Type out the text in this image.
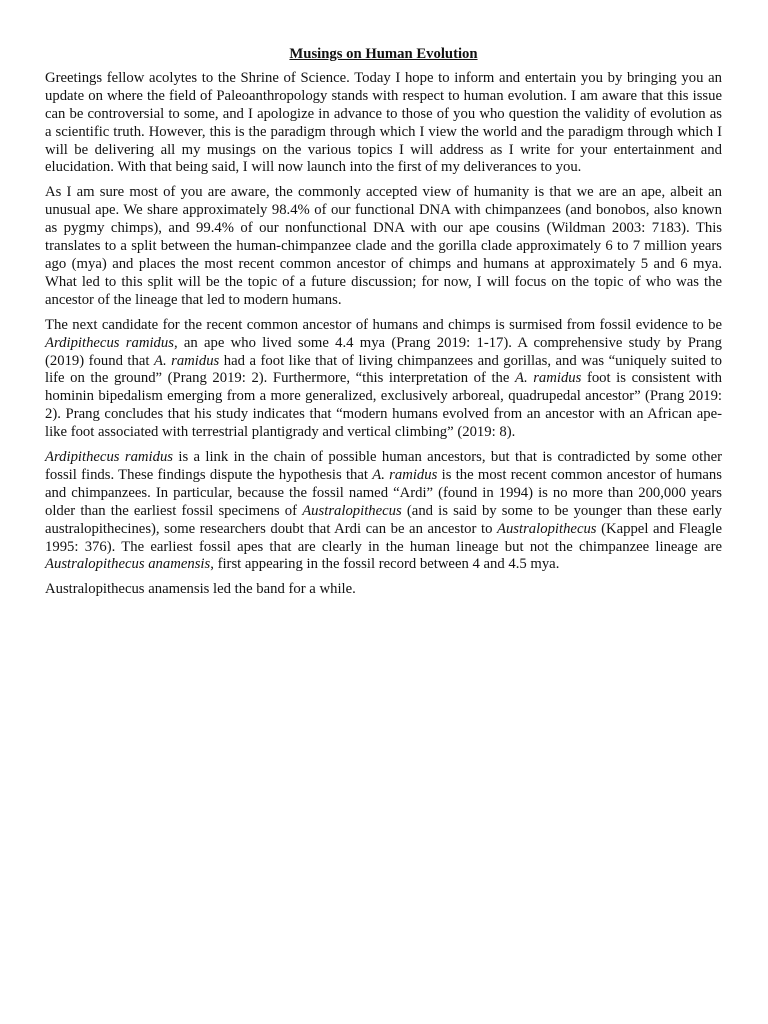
Musings on Human Evolution

Greetings fellow acolytes to the Shrine of Science. Today I hope to inform and entertain you by bringing you an update on where the field of Paleoanthropology stands with respect to human evolution. I am aware that this issue can be controversial to some, and I apologize in advance to those of you who question the validity of evolution as a scientific truth. However, this is the paradigm through which I view the world and the paradigm through which I will be delivering all my musings on the various topics I will address as I write for your entertainment and elucidation. With that being said, I will now launch into the first of my deliverances to you.

As I am sure most of you are aware, the commonly accepted view of humanity is that we are an ape, albeit an unusual ape. We share approximately 98.4% of our functional DNA with chimpanzees (and bonobos, also known as pygmy chimps), and 99.4% of our nonfunctional DNA with our ape cousins (Wildman 2003: 7183). This translates to a split between the human-chimpanzee clade and the gorilla clade approximately 6 to 7 million years ago (mya) and places the most recent common ancestor of chimps and humans at approximately 5 and 6 mya. What led to this split will be the topic of a future discussion; for now, I will focus on the topic of who was the ancestor of the lineage that led to modern humans.

The next candidate for the recent common ancestor of humans and chimps is surmised from fossil evidence to be Ardipithecus ramidus, an ape who lived some 4.4 mya (Prang 2019: 1-17). A comprehensive study by Prang (2019) found that A. ramidus had a foot like that of living chimpanzees and gorillas, and was “uniquely suited to life on the ground” (Prang 2019: 2). Furthermore, “this interpretation of the A. ramidus foot is consistent with hominin bipedalism emerging from a more generalized, exclusively arboreal, quadrupedal ancestor” (Prang 2019: 2). Prang concludes that his study indicates that “modern humans evolved from an ancestor with an African ape-like foot associated with terrestrial plantigrady and vertical climbing” (2019: 8).

Ardipithecus ramidus is a link in the chain of possible human ancestors, but that is contradicted by some other fossil finds. These findings dispute the hypothesis that A. ramidus is the most recent common ancestor of humans and chimpanzees. In particular, because the fossil named “Ardi” (found in 1994) is no more than 200,000 years older than the earliest fossil specimens of Australopithecus (and is said by some to be younger than these early australopithecines), some researchers doubt that Ardi can be an ancestor to Australopithecus (Kappel and Fleagle 1995: 376). The earliest fossil apes that are clearly in the human lineage but not the chimpanzee lineage are Australopithecus anamensis, first appearing in the fossil record between 4 and 4.5 mya.

Australopithecus anamensis led the band for a while.
